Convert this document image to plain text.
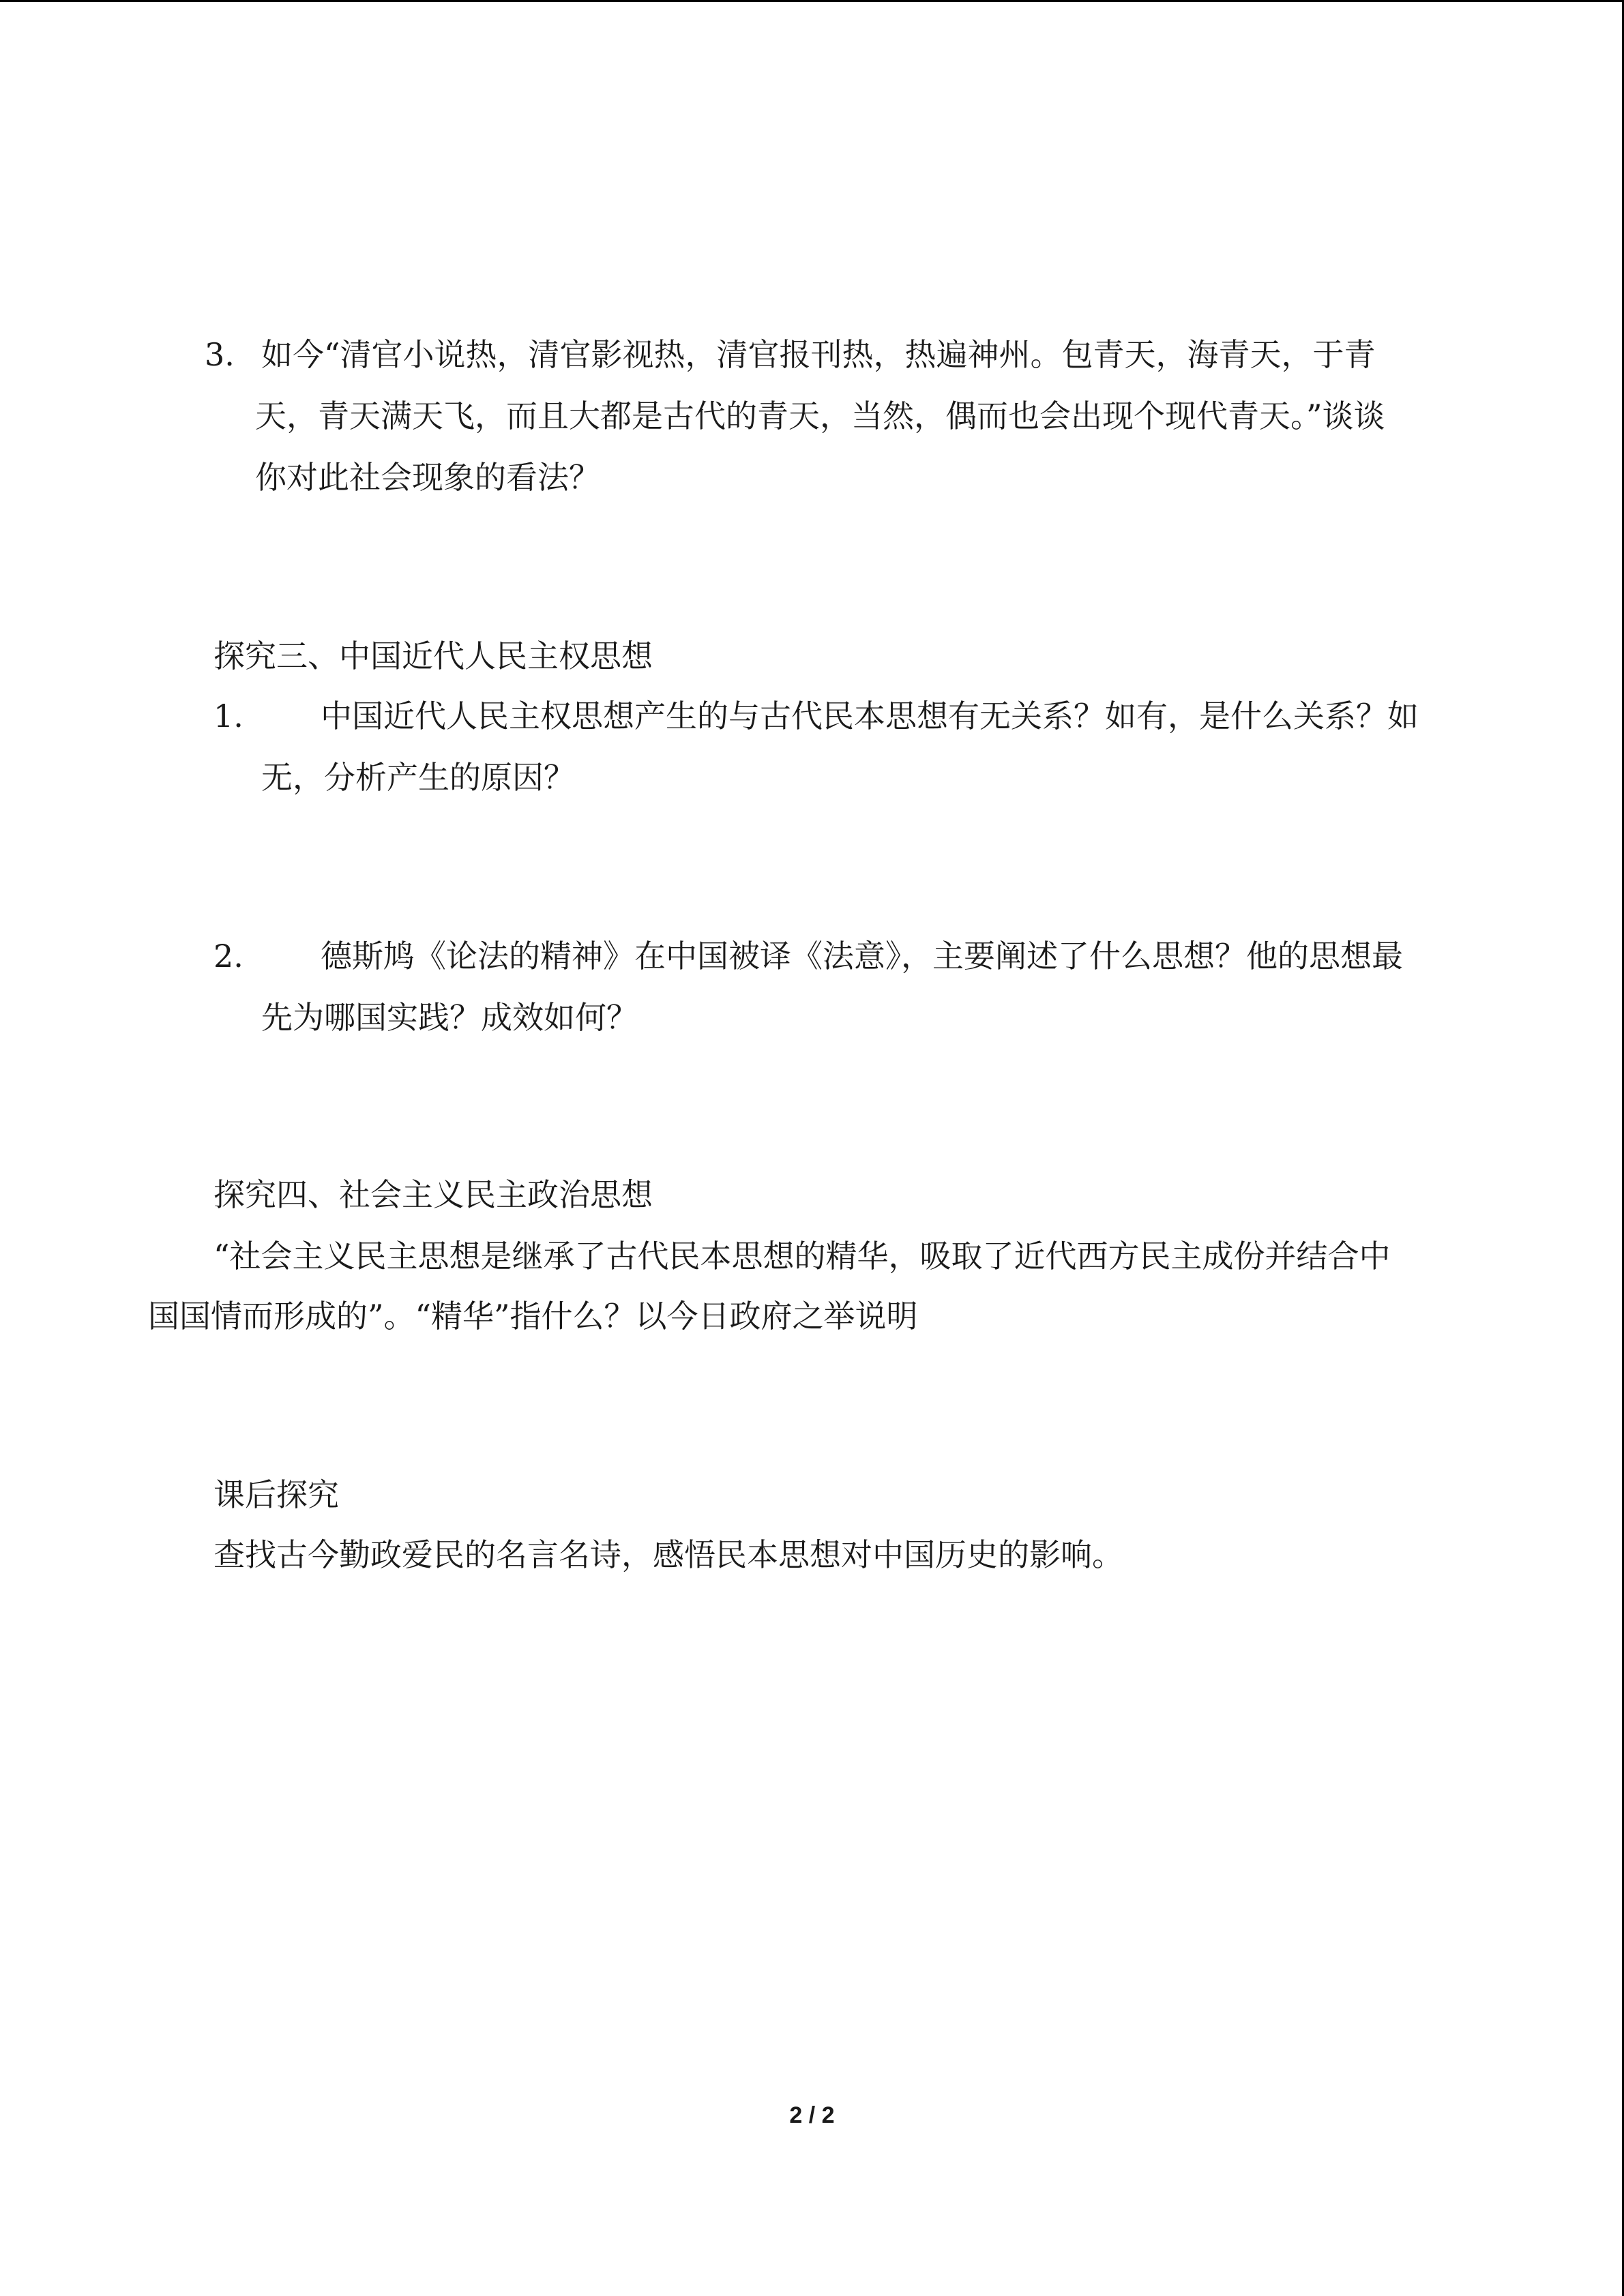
3. 如今“清官小说热，清官影视热，清官报刊热，热遍神州。包青天，海青天，于青
天，青天满天飞，而且大都是古代的青天，当然，偶而也会出现个现代青天。”谈谈
你对此社会现象的看法？
探究三、中国近代人民主权思想
1. 中国近代人民主权思想产生的与古代民本思想有无关系？如有，是什么关系？如
无，分析产生的原因？
2. 德斯鸠《论法的精神》在中国被译《法意》，主要阐述了什么思想？他的思想最
先为哪国实践？成效如何？
探究四、社会主义民主政治思想
“社会主义民主思想是继承了古代民本思想的精华，吸取了近代西方民主成份并结合中
国国情而形成的”。“精华”指什么？以今日政府之举说明
课后探究
查找古今勤政爱民的名言名诗，感悟民本思想对中国历史的影响。
2 / 2
